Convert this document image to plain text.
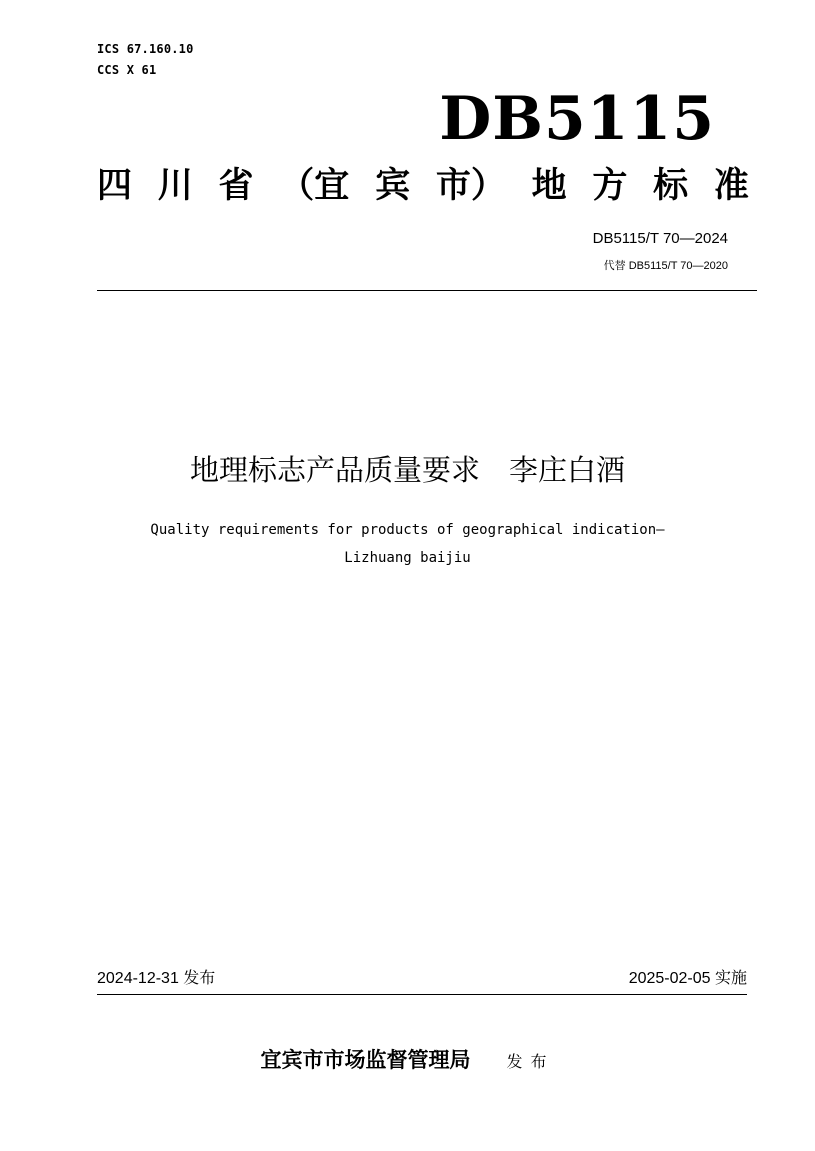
ICS 67.160.10
CCS X 61
DB5115
四 川 省 （宜 宾 市） 地 方 标 准
DB5115/T 70—2024
代替 DB5115/T 70—2020
地理标志产品质量要求　李庄白酒
Quality requirements for products of geographical indication—
Lizhuang baijiu
2024-12-31 发布	2025-02-05 实施
宜宾市市场监督管理局 发布
